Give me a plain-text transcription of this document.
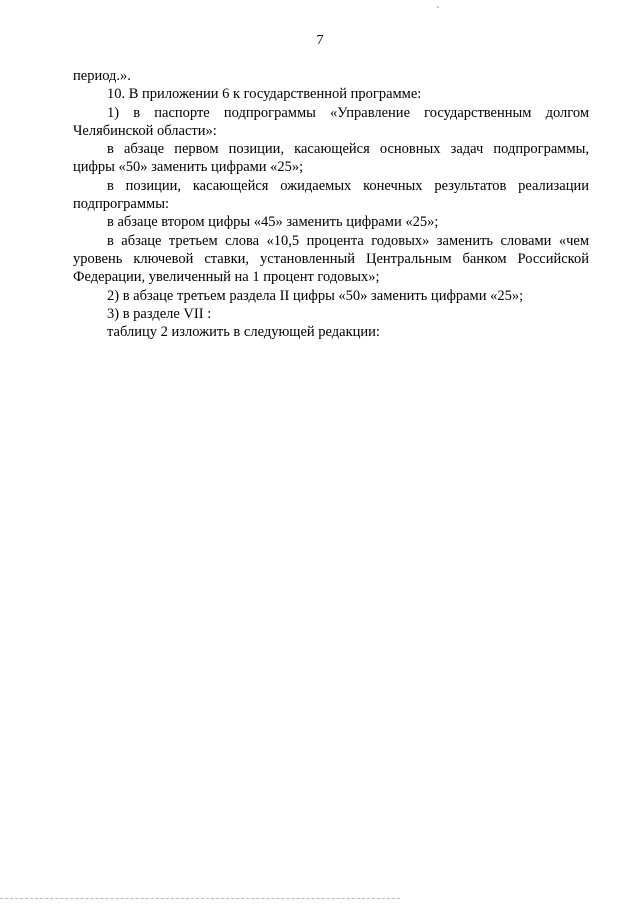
7

период.».

10. В приложении 6 к государственной программе:

1) в паспорте подпрограммы «Управление государственным долгом Челябинской области»:

в абзаце первом позиции, касающейся основных задач подпрограммы, цифры «50» заменить цифрами «25»;

в позиции, касающейся ожидаемых конечных результатов реализации подпрограммы:

в абзаце втором цифры «45» заменить цифрами «25»;

в абзаце третьем слова «10,5 процента годовых» заменить словами «чем уровень ключевой ставки, установленный Центральным банком Российской Федерации, увеличенный на 1 процент годовых»;

2) в абзаце третьем раздела II цифры «50» заменить цифрами «25»;

3) в разделе VII :

таблицу 2 изложить в следующей редакции:
